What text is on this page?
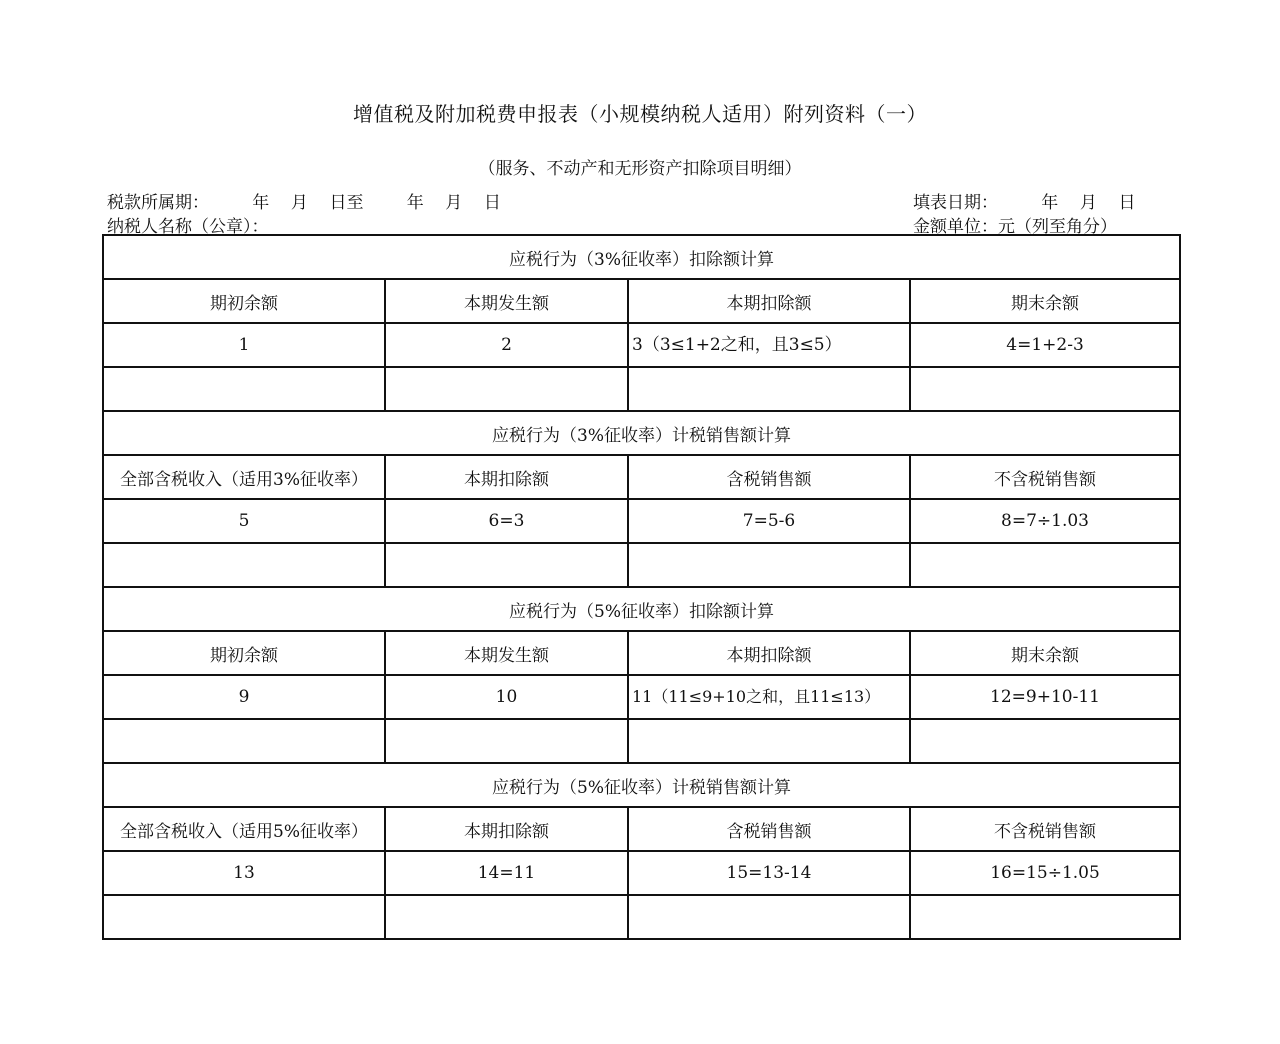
增值税及附加税费申报表（小规模纳税人适用）附列资料（一）
（服务、不动产和无形资产扣除项目明细）
税款所属期：        年    月    日至        年    月    日
纳税人名称（公章）：
填表日期：        年    月    日
金额单位：元（列至角分）
应税行为（3%征收率）扣除额计算			
期初余额	本期发生额	本期扣除额	期末余额
1	2	3（3≤1+2之和，且3≤5）	4=1+2-3

应税行为（3%征收率）计税销售额计算			
全部含税收入（适用3%征收率）	本期扣除额	含税销售额	不含税销售额
5	6=3	7=5-6	8=7÷1.03

应税行为（5%征收率）扣除额计算			
期初余额	本期发生额	本期扣除额	期末余额
9	10	11（11≤9+10之和，且11≤13）	12=9+10-11

应税行为（5%征收率）计税销售额计算			
全部含税收入（适用5%征收率）	本期扣除额	含税销售额	不含税销售额
13	14=11	15=13-14	16=15÷1.05
